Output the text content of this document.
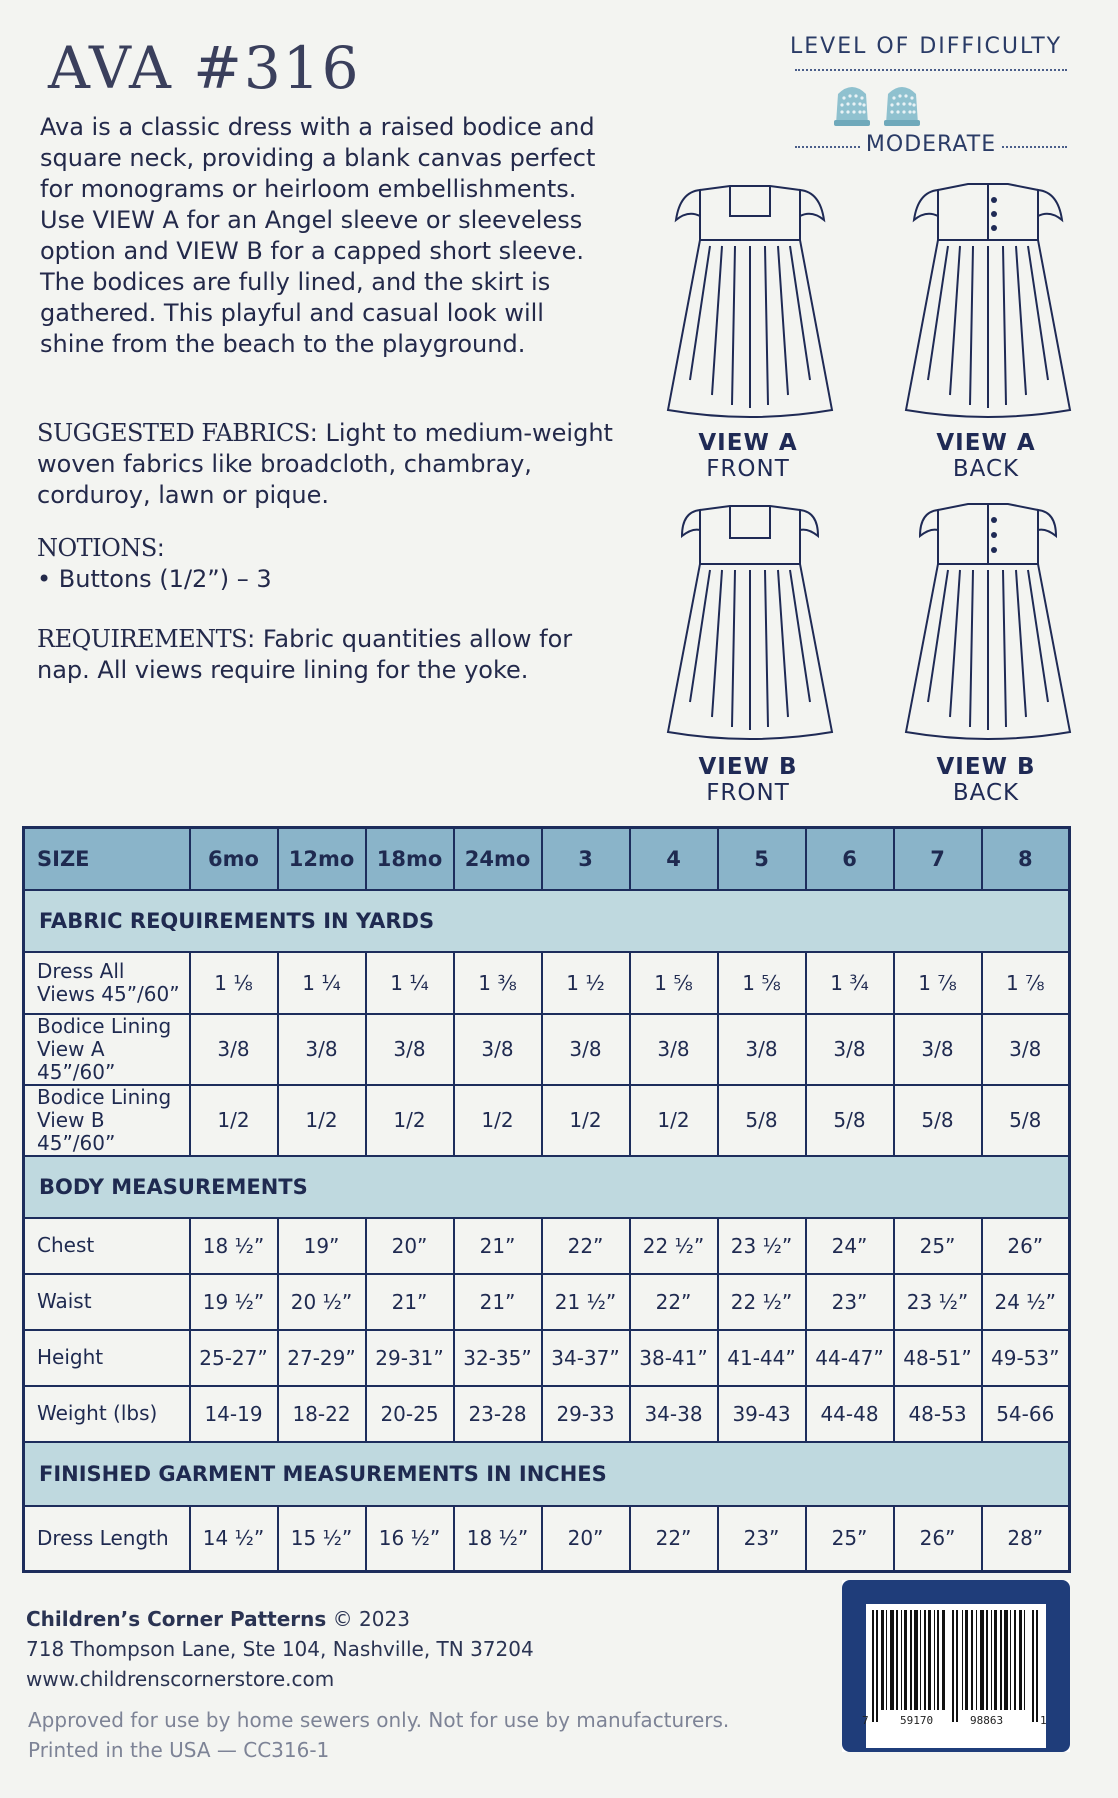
AVA #316

Ava is a classic dress with a raised bodice and square neck, providing a blank canvas perfect for monograms or heirloom embellishments. Use VIEW A for an Angel sleeve or sleeveless option and VIEW B for a capped short sleeve. The bodices are fully lined, and the skirt is gathered. This playful and casual look will shine from the beach to the playground.

SUGGESTED FABRICS: Light to medium-weight woven fabrics like broadcloth, chambray, corduroy, lawn or pique.

NOTIONS:
• Buttons (1/2”) – 3

REQUIREMENTS: Fabric quantities allow for nap. All views require lining for the yoke.

LEVEL OF DIFFICULTY
MODERATE
VIEW A
FRONT
VIEW A
BACK
VIEW B
FRONT
VIEW B
BACK
SIZE	6mo	12mo	18mo	24mo	3	4	5	6	7	8
FABRIC REQUIREMENTS IN YARDS										
Dress All Views 45”/60”	1 ⅛	1 ¼	1 ¼	1 ⅜	1 ½	1 ⅝	1 ⅝	1 ¾	1 ⅞	1 ⅞
Bodice Lining View A 45”/60”	3/8	3/8	3/8	3/8	3/8	3/8	3/8	3/8	3/8	3/8
Bodice Lining View B 45”/60”	1/2	1/2	1/2	1/2	1/2	1/2	5/8	5/8	5/8	5/8
BODY MEASUREMENTS										
Chest	18 ½”	19”	20”	21”	22”	22 ½”	23 ½”	24”	25”	26”
Waist	19 ½”	20 ½”	21”	21”	21 ½”	22”	22 ½”	23”	23 ½”	24 ½”
Height	25-27”	27-29”	29-31”	32-35”	34-37”	38-41”	41-44”	44-47”	48-51”	49-53”
Weight (lbs)	14-19	18-22	20-25	23-28	29-33	34-38	39-43	44-48	48-53	54-66
FINISHED GARMENT MEASUREMENTS IN INCHES										
Dress Length	14 ½”	15 ½”	16 ½”	18 ½”	20”	22”	23”	25”	26”	28”
Children’s Corner Patterns © 2023
718 Thompson Lane, Ste 104, Nashville, TN 37204
www.childrenscornerstore.com
Approved for use by home sewers only. Not for use by manufacturers.
Printed in the USA — CC316-1
7	59170	98863	1
